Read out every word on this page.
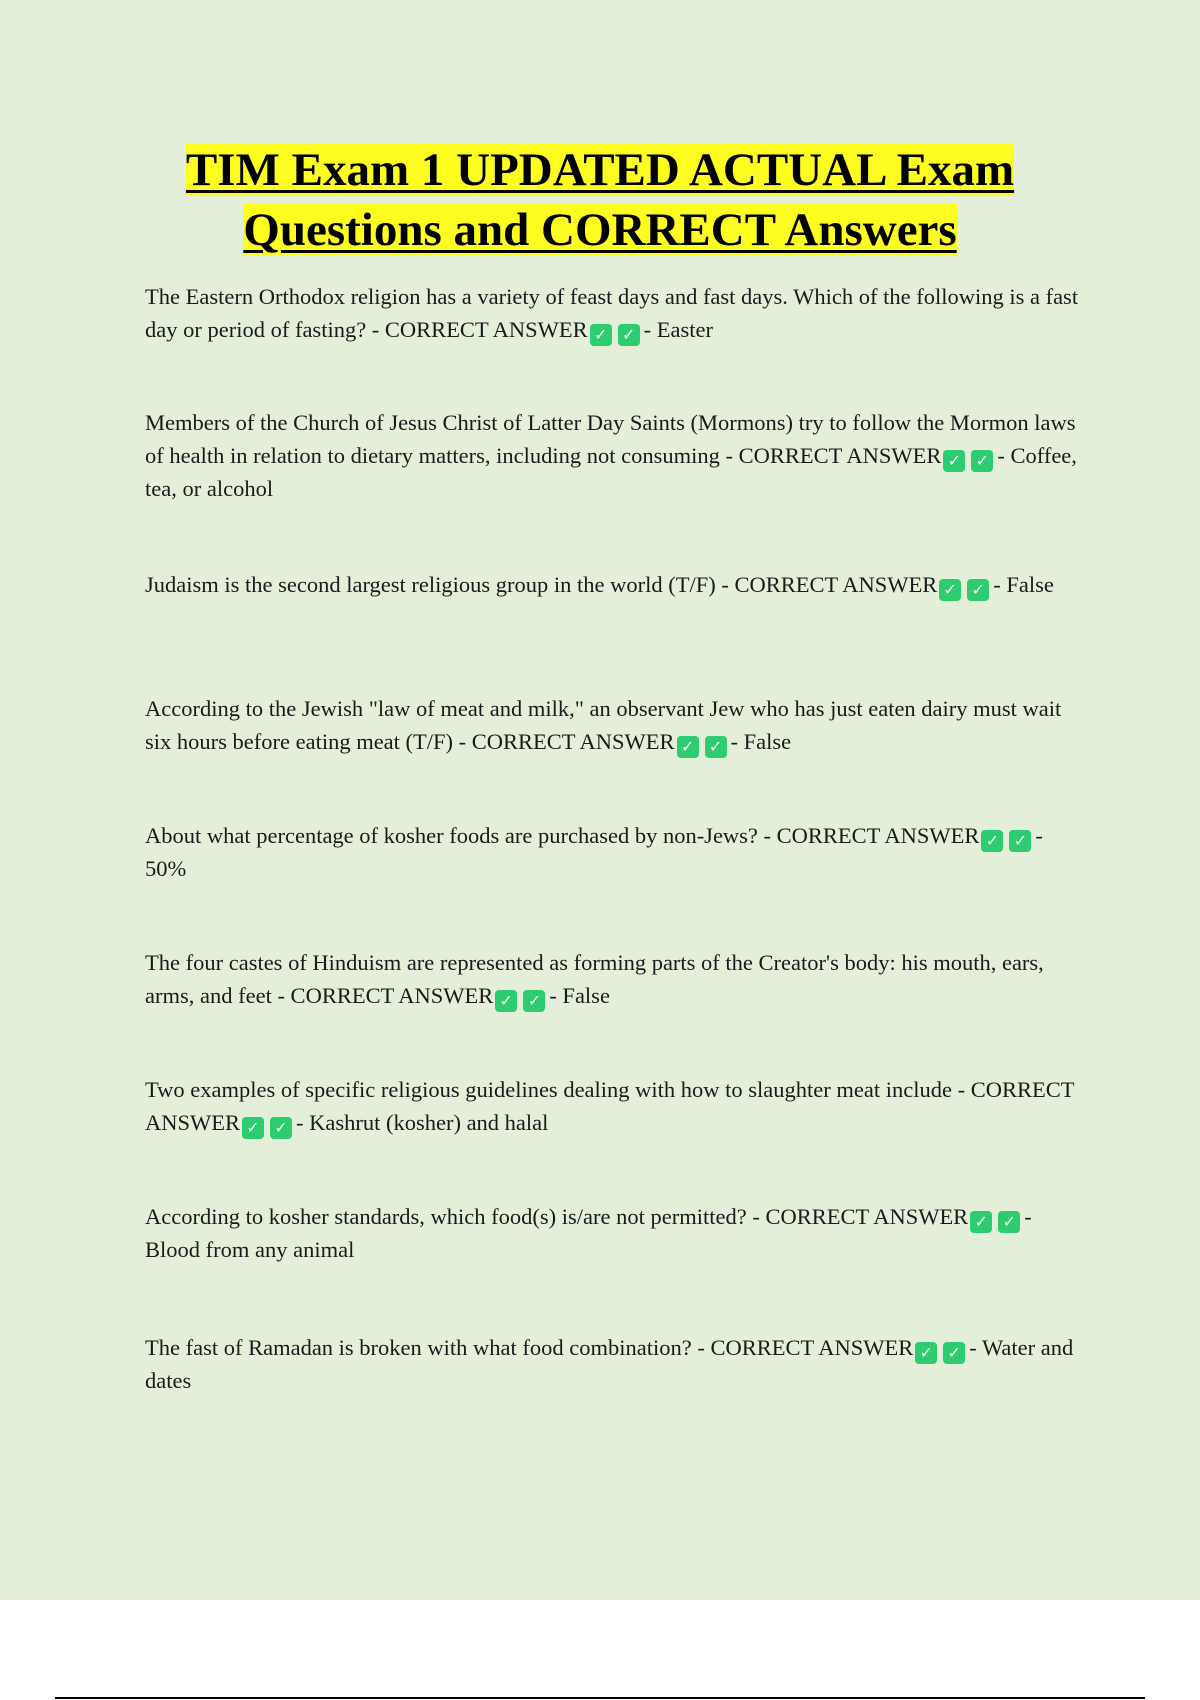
TIM Exam 1 UPDATED ACTUAL Exam
Questions and CORRECT Answers

The Eastern Orthodox religion has a variety of feast days and fast days. Which of the following is a fast day or period of fasting? - CORRECT ANSWER ✓ ✓ - Easter

Members of the Church of Jesus Christ of Latter Day Saints (Mormons) try to follow the Mormon laws of health in relation to dietary matters, including not consuming - CORRECT ANSWER ✓ ✓ - Coffee, tea, or alcohol

Judaism is the second largest religious group in the world (T/F) - CORRECT ANSWER ✓ ✓ - False

According to the Jewish "law of meat and milk," an observant Jew who has just eaten dairy must wait six hours before eating meat (T/F) - CORRECT ANSWER ✓ ✓ - False

About what percentage of kosher foods are purchased by non-Jews? - CORRECT ANSWER ✓ ✓ - 50%

The four castes of Hinduism are represented as forming parts of the Creator's body: his mouth, ears, arms, and feet - CORRECT ANSWER ✓ ✓ - False

Two examples of specific religious guidelines dealing with how to slaughter meat include - CORRECT ANSWER ✓ ✓ - Kashrut (kosher) and halal

According to kosher standards, which food(s) is/are not permitted? - CORRECT ANSWER ✓ ✓ - Blood from any animal

The fast of Ramadan is broken with what food combination? - CORRECT ANSWER ✓ ✓ - Water and dates
